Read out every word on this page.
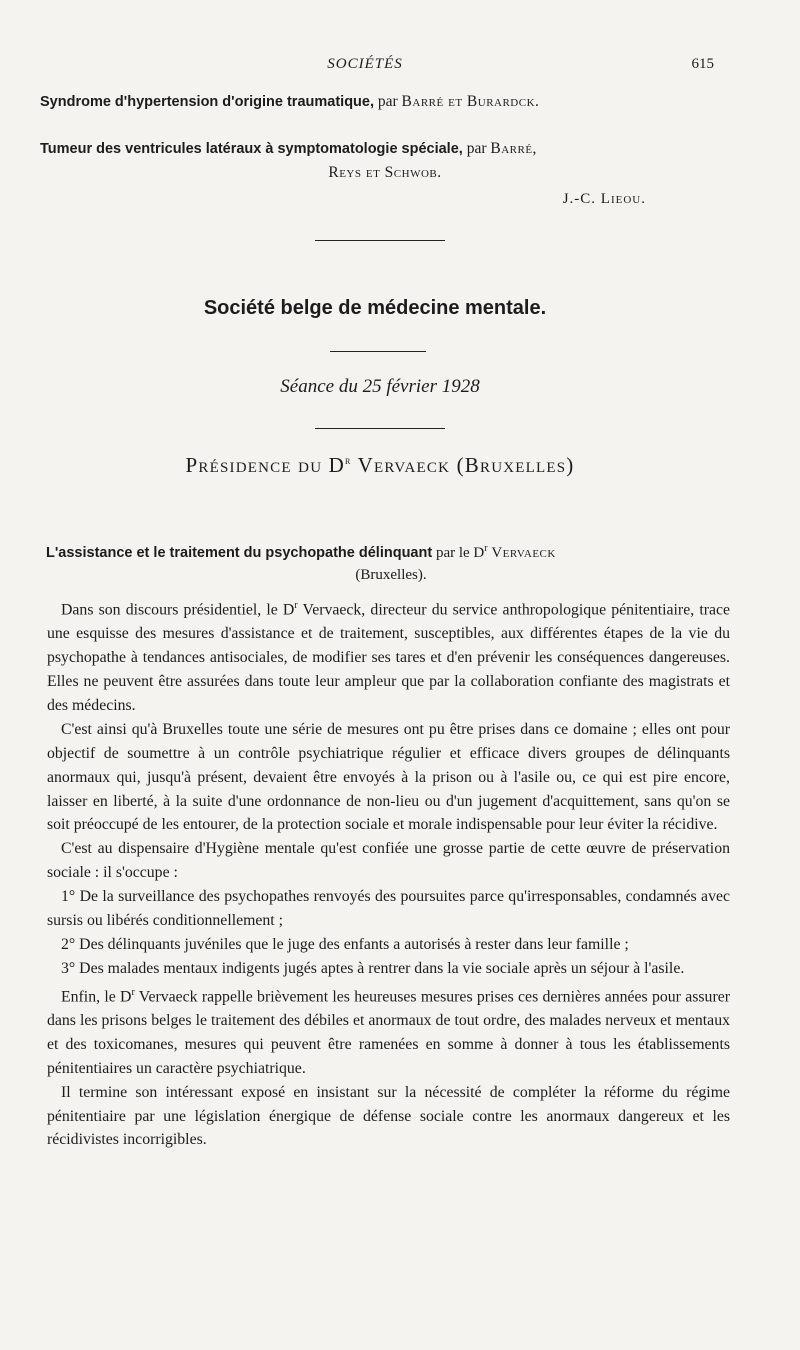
SOCIÉTÉS	615
Syndrome d'hypertension d'origine traumatique, par Barré et Burardck.
Tumeur des ventricules latéraux à symptomatologie spéciale, par Barré,
Reys et Schwob.
J.-C. Lieou.
Société belge de médecine mentale.
Séance du 25 février 1928
Présidence du $D^r$ Vervaeck (Bruxelles)
L'assistance et le traitement du psychopathe délinquant par le $D^r$ Vervaeck
(Bruxelles).

Dans son discours présidentiel, le $D^r$ Vervaeck, directeur du service anthropologique pénitentiaire, trace une esquisse des mesures d'assistance et de traitement, susceptibles, aux différentes étapes de la vie du psychopathe à tendances antisociales, de modifier ses tares et d'en prévenir les conséquences dangereuses. Elles ne peuvent être assurées dans toute leur ampleur que par la collaboration confiante des magistrats et des médecins.

C'est ainsi qu'à Bruxelles toute une série de mesures ont pu être prises dans ce domaine ; elles ont pour objectif de soumettre à un contrôle psychiatrique régulier et efficace divers groupes de délinquants anormaux qui, jusqu'à présent, devaient être envoyés à la prison ou à l'asile ou, ce qui est pire encore, laisser en liberté, à la suite d'une ordonnance de non-lieu ou d'un jugement d'acquittement, sans qu'on se soit préoccupé de les entourer, de la protection sociale et morale indispensable pour leur éviter la récidive.

C'est au dispensaire d'Hygiène mentale qu'est confiée une grosse partie de cette œuvre de préservation sociale : il s'occupe :

1° De la surveillance des psychopathes renvoyés des poursuites parce qu'irresponsables, condamnés avec sursis ou libérés conditionnellement ;

2° Des délinquants juvéniles que le juge des enfants a autorisés à rester dans leur famille ;

3° Des malades mentaux indigents jugés aptes à rentrer dans la vie sociale après un séjour à l'asile.

Enfin, le $D^r$ Vervaeck rappelle brièvement les heureuses mesures prises ces dernières années pour assurer dans les prisons belges le traitement des débiles et anormaux de tout ordre, des malades nerveux et mentaux et des toxicomanes, mesures qui peuvent être ramenées en somme à donner à tous les établissements pénitentiaires un caractère psychiatrique.

Il termine son intéressant exposé en insistant sur la nécessité de compléter la réforme du régime pénitentiaire par une législation énergique de défense sociale contre les anormaux dangereux et les récidivistes incorrigibles.
